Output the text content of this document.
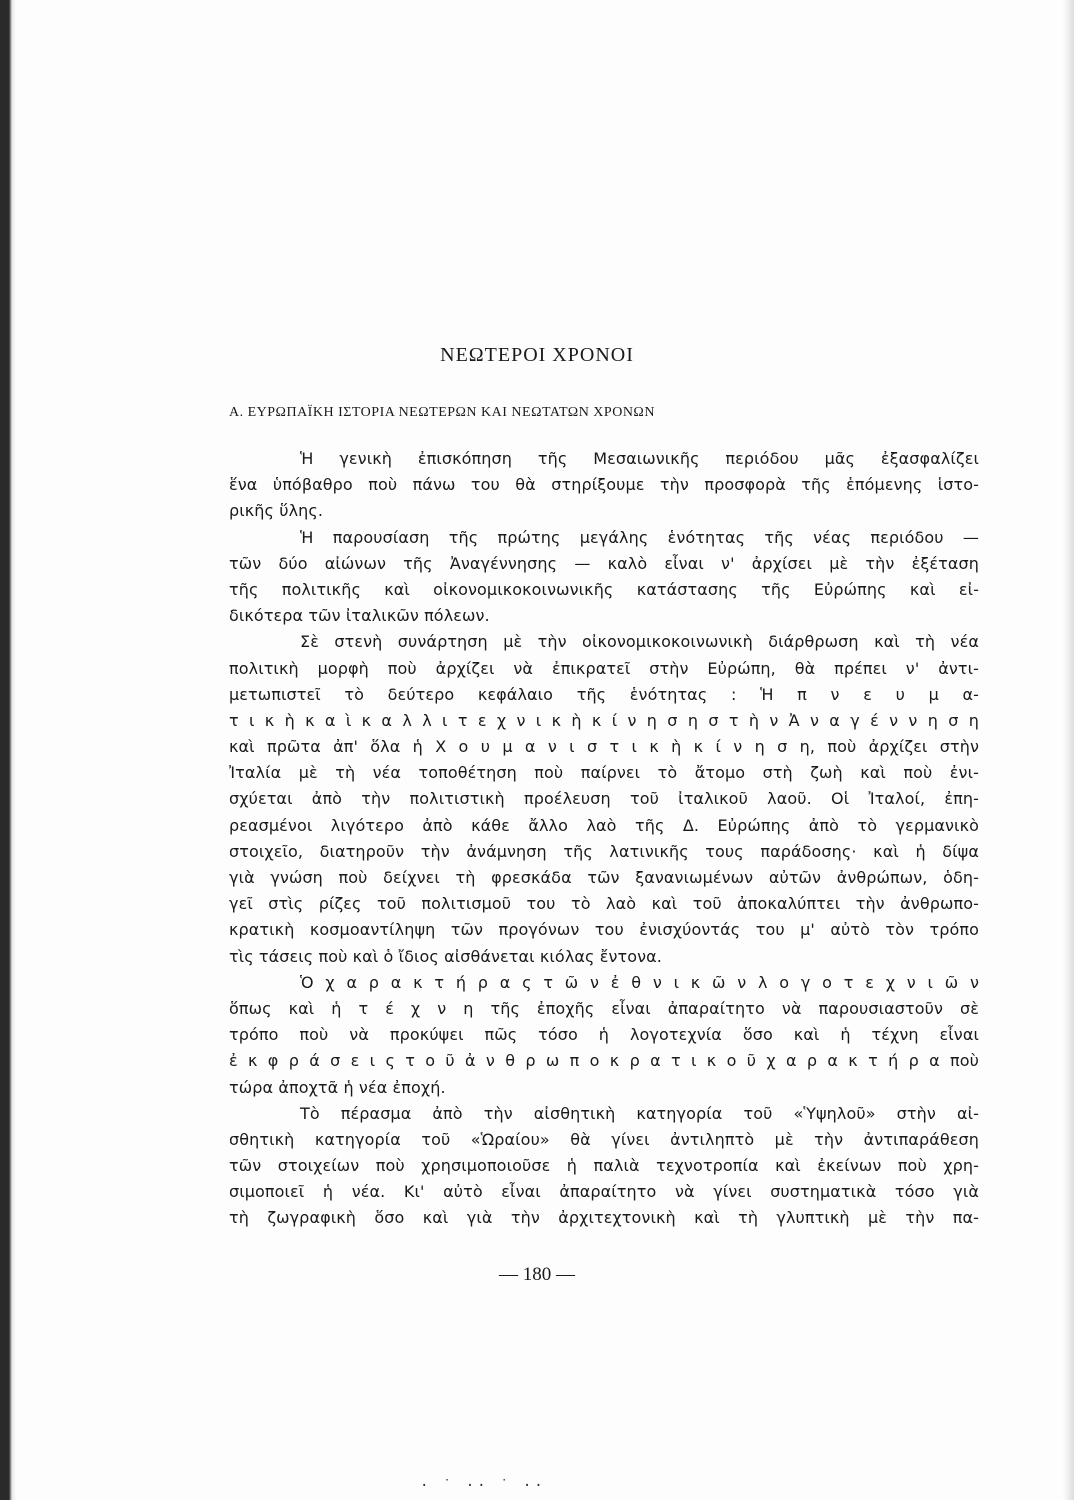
ΝΕΩΤΕΡΟΙ ΧΡΟΝΟΙ
Α. ΕΥΡΩΠΑΪΚΗ ΙΣΤΟΡΙΑ ΝΕΩΤΕΡΩΝ ΚΑΙ ΝΕΩΤΑΤΩΝ ΧΡΟΝΩΝ
Ἡ γενικὴ ἐπισκόπηση τῆς Μεσαιωνικῆς περιόδου μᾶς ἐξασφαλίζει
ἕνα ὑπόβαθρο ποὺ πάνω του θὰ στηρίξουμε τὴν προσφορὰ τῆς ἑπόμενης ἱστο-
ρικῆς ὕλης.
Ἡ παρουσίαση τῆς πρώτης μεγάλης ἑνότητας τῆς νέας περιόδου —
τῶν δύο αἰώνων τῆς Ἀναγέννησης — καλὸ εἶναι ν' ἀρχίσει μὲ τὴν ἐξέταση
τῆς πολιτικῆς καὶ οἰκονομικοκοινωνικῆς κατάστασης τῆς Εὐρώπης καὶ εἰ-
δικότερα τῶν ἰταλικῶν πόλεων.
Σὲ στενὴ συνάρτηση μὲ τὴν οἰκονομικοκοινωνικὴ διάρθρωση καὶ τὴ νέα
πολιτικὴ μορφὴ ποὺ ἀρχίζει νὰ ἐπικρατεῖ στὴν Εὐρώπη, θὰ πρέπει ν' ἀντι-
μετωπιστεῖ τὸ δεύτερο κεφάλαιο τῆς ἑνότητας : Ἡ π ν ε υ μ α-
τ ι κ ὴ κ α ὶ κ α λ λ ι τ ε χ ν ι κ ὴ κ ί ν η σ η σ τ ὴ ν Ἀ ν α γ έ ν ν η σ η
καὶ πρῶτα ἀπ' ὅλα ἡ Χ ο υ μ α ν ι σ τ ι κ ὴ κ ί ν η σ η, ποὺ ἀρχίζει στὴν
Ἰταλία μὲ τὴ νέα τοποθέτηση ποὺ παίρνει τὸ ἄτομο στὴ ζωὴ καὶ ποὺ ἐνι-
σχύεται ἀπὸ τὴν πολιτιστικὴ προέλευση τοῦ ἰταλικοῦ λαοῦ. Οἱ Ἰταλοί, ἐπη-
ρεασμένοι λιγότερο ἀπὸ κάθε ἄλλο λαὸ τῆς Δ. Εὐρώπης ἀπὸ τὸ γερμανικὸ
στοιχεῖο, διατηροῦν τὴν ἀνάμνηση τῆς λατινικῆς τους παράδοσης· καὶ ἡ δίψα
γιὰ γνώση ποὺ δείχνει τὴ φρεσκάδα τῶν ξανανιωμένων αὐτῶν ἀνθρώπων, ὁδη-
γεῖ στὶς ρίζες τοῦ πολιτισμοῦ του τὸ λαὸ καὶ τοῦ ἀποκαλύπτει τὴν ἀνθρωπο-
κρατικὴ κοσμοαντίληψη τῶν προγόνων του ἐνισχύοντάς του μ' αὐτὸ τὸν τρόπο
τὶς τάσεις ποὺ καὶ ὁ ἴδιος αἰσθάνεται κιόλας ἔντονα.
Ὁ χ α ρ α κ τ ή ρ α ς τ ῶ ν ἐ θ ν ι κ ῶ ν λ ο γ ο τ ε χ ν ι ῶ ν
ὅπως καὶ ἡ τ έ χ ν η τῆς ἐποχῆς εἶναι ἀπαραίτητο νὰ παρουσιαστοῦν σὲ
τρόπο ποὺ νὰ προκύψει πῶς τόσο ἡ λογοτεχνία ὅσο καὶ ἡ τέχνη εἶναι
ἐ κ φ ρ ά σ ε ι ς τ ο ῦ ἀ ν θ ρ ω π ο κ ρ α τ ι κ ο ῦ χ α ρ α κ τ ή ρ α ποὺ
τώρα ἀποχτᾶ ἡ νέα ἐποχή.
Τὸ πέρασμα ἀπὸ τὴν αἰσθητικὴ κατηγορία τοῦ «Ὑψηλοῦ» στὴν αἰ-
σθητικὴ κατηγορία τοῦ «Ὡραίου» θὰ γίνει ἀντιληπτὸ μὲ τὴν ἀντιπαράθεση
τῶν στοιχείων ποὺ χρησιμοποιοῦσε ἡ παλιὰ τεχνοτροπία καὶ ἐκείνων ποὺ χρη-
σιμοποιεῖ ἡ νέα. Κι' αὐτὸ εἶναι ἀπαραίτητο νὰ γίνει συστηματικὰ τόσο γιὰ
τὴ ζωγραφικὴ ὅσο καὶ γιὰ τὴν ἀρχιτεχτονικὴ καὶ τὴ γλυπτικὴ μὲ τὴν πα-
— 180 —
· ˙ ·· ˙ ··
